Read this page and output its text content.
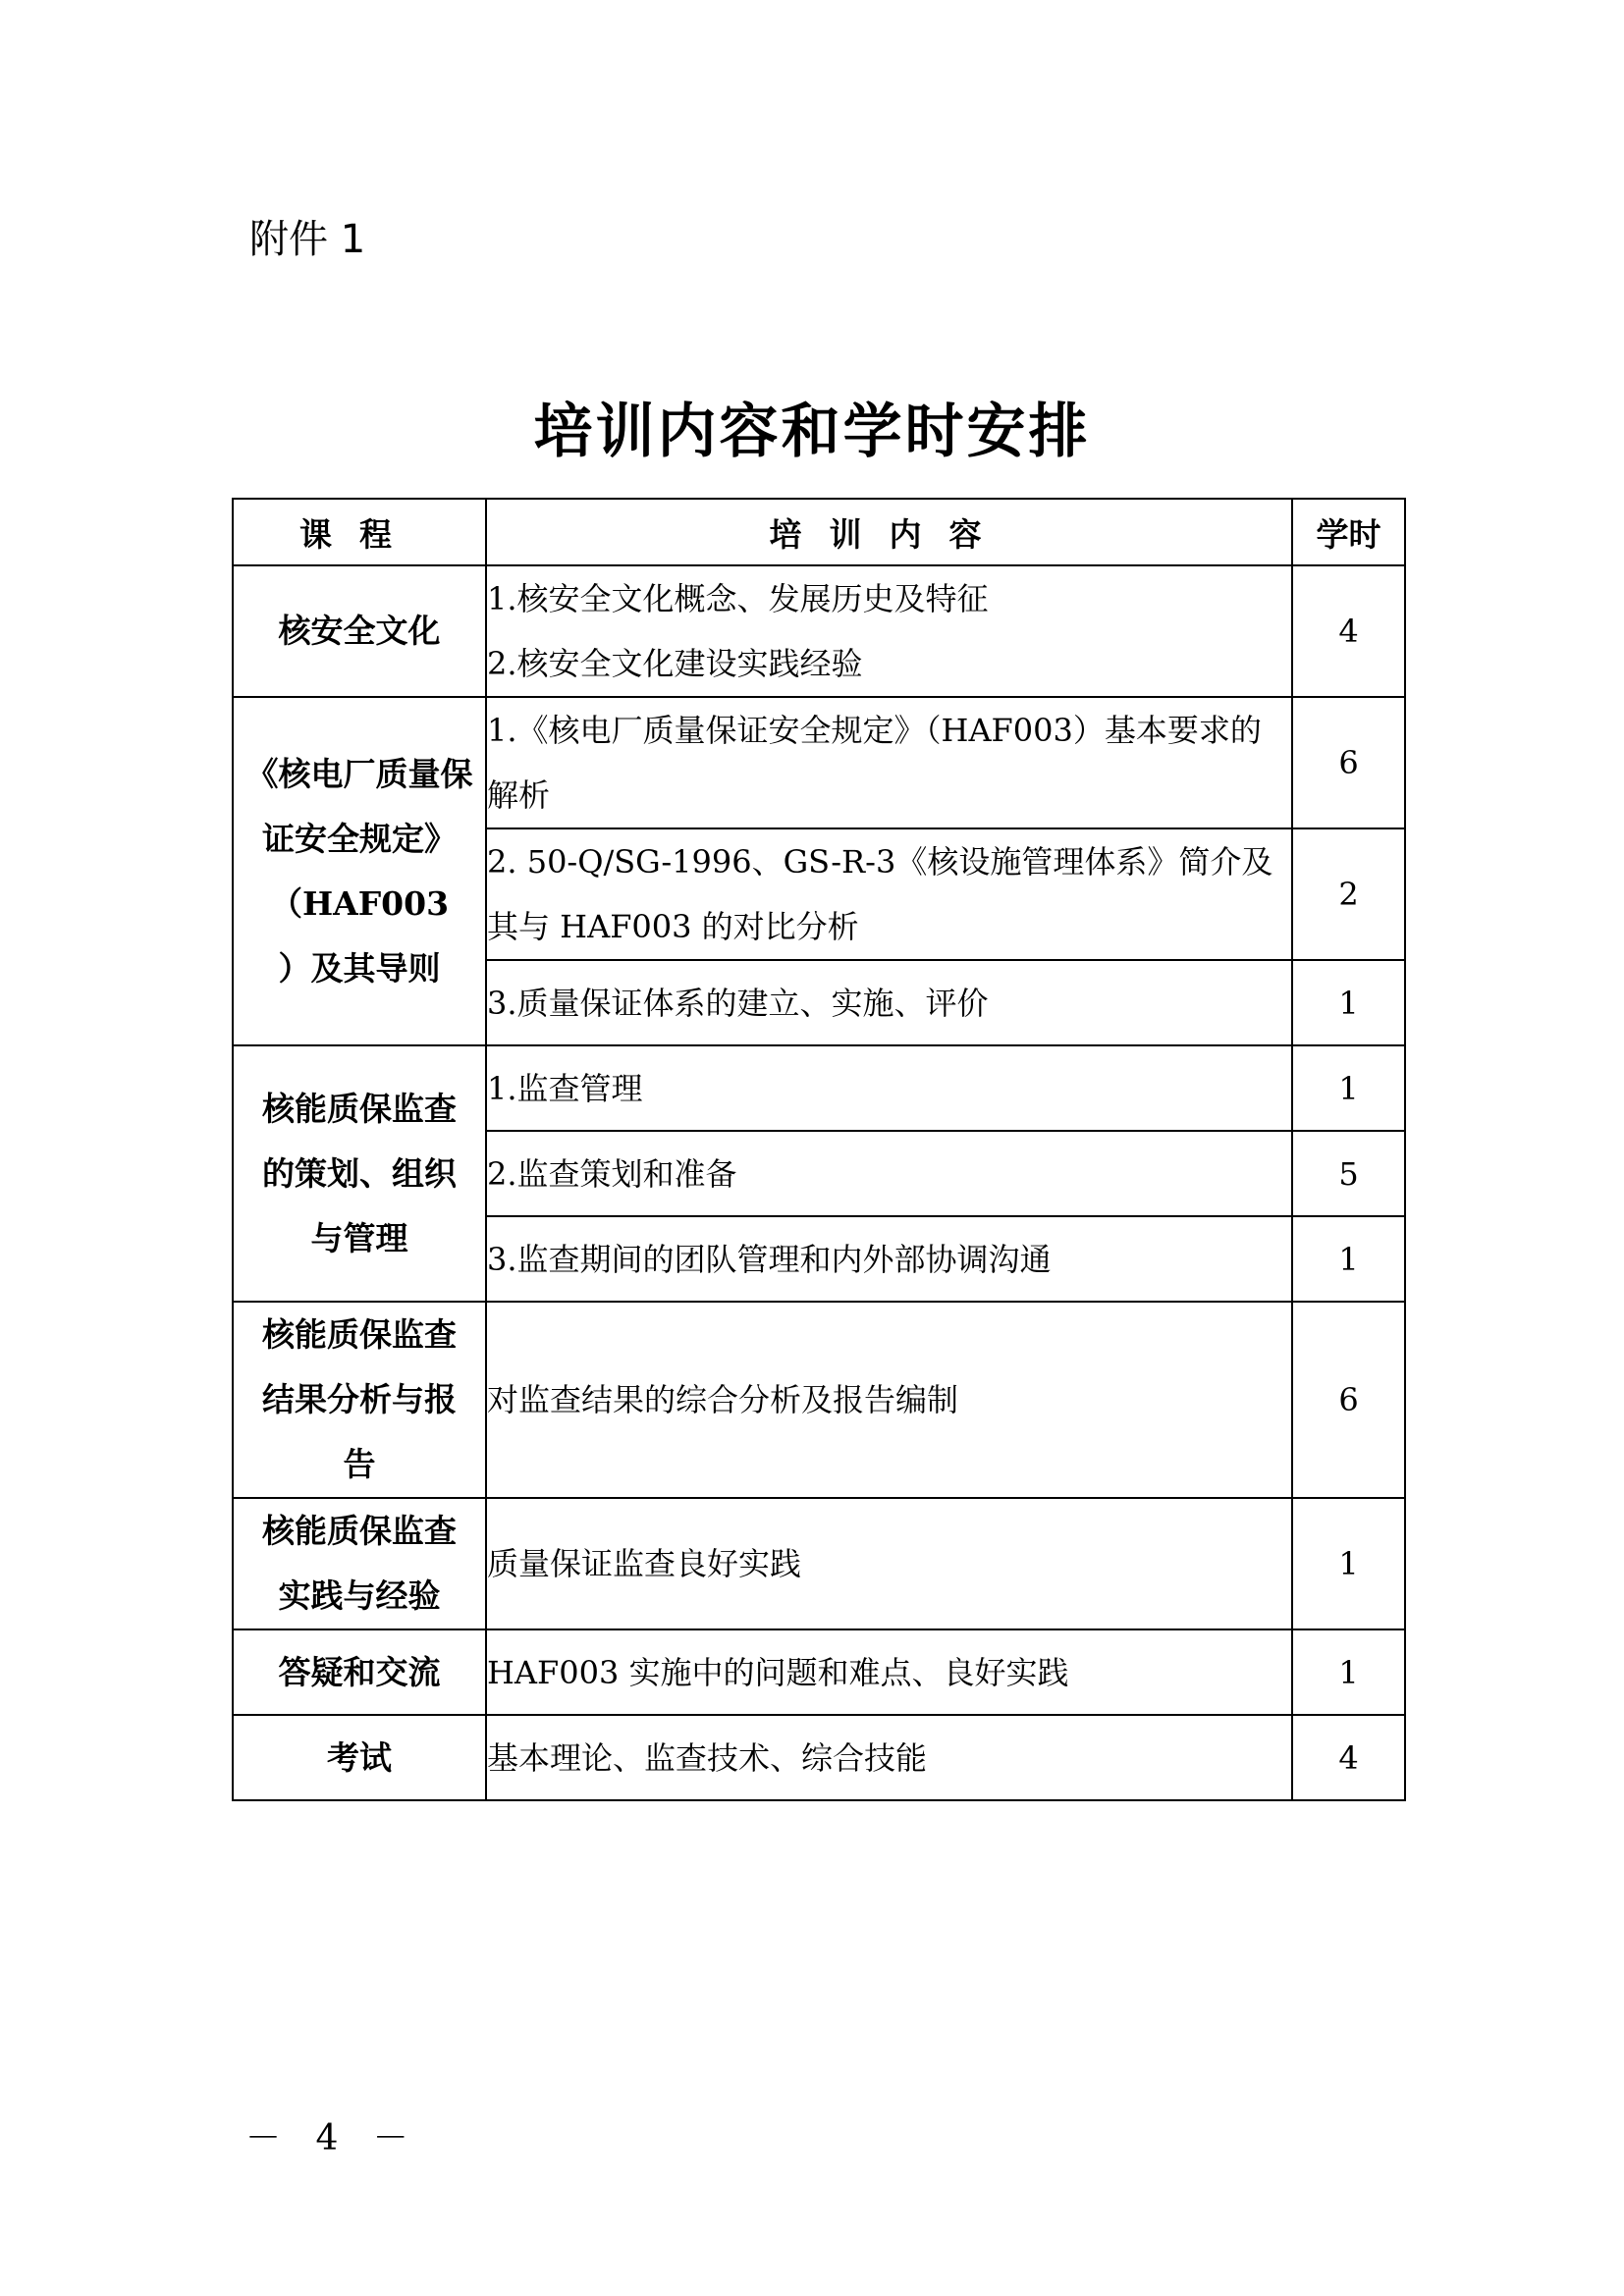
附件 1
培训内容和学时安排
课程	培训内容	学时
核安全文化	1.核安全文化概念、发展历史及特征
2.核安全文化建设实践经验	4
《核电厂质量保
证安全规定》
（HAF003
）及其导则	1.《核电厂质量保证安全规定》（HAF003）基本要求的
解析	6

	2. 50-Q/SG-1996、GS-R-3《核设施管理体系》简介及
其与 HAF003 的对比分析	2

	3.质量保证体系的建立、实施、评价	1
核能质保监查
的策划、组织
与管理	1.监查管理	1

	2.监查策划和准备	5

	3.监查期间的团队管理和内外部协调沟通	1
核能质保监查
结果分析与报
告	对监查结果的综合分析及报告编制	6
核能质保监查
实践与经验	质量保证监查良好实践	1
答疑和交流	HAF003 实施中的问题和难点、良好实践	1
考试	基本理论、监查技术、综合技能	4
－ 4 －
